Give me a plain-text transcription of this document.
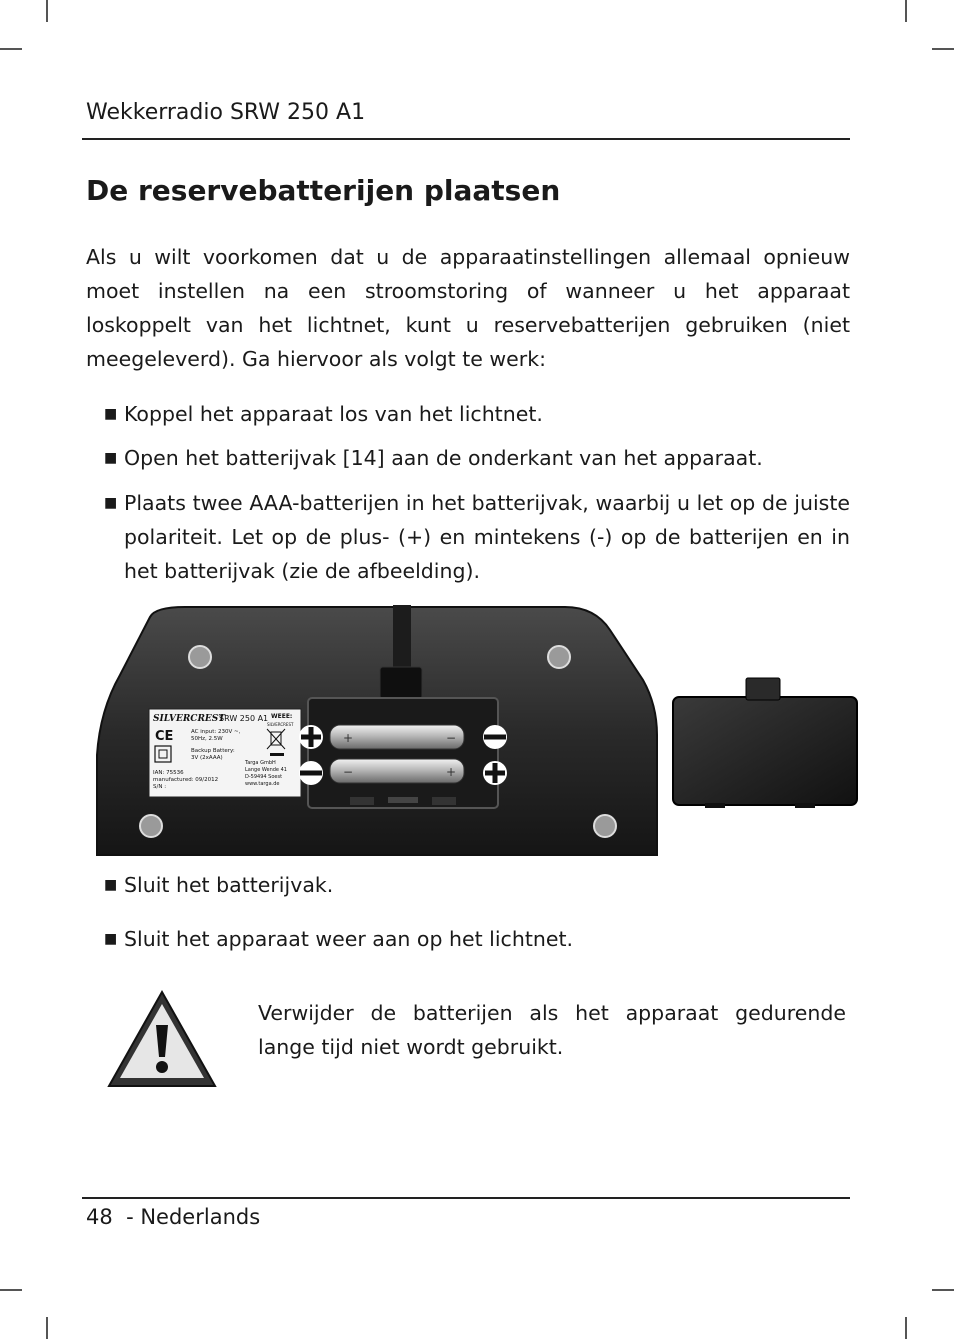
Wekkerradio SRW 250 A1
De reservebatterijen plaatsen

Als u wilt voorkomen dat u de apparaatinstellingen allemaal opnieuw moet instellen na een stroomstoring of wanneer u het apparaat loskoppelt van het lichtnet, kunt u reservebatterijen gebruiken (niet meegeleverd). Ga hiervoor als volgt te werk:

■ Koppel het apparaat los van het lichtnet.
■ Open het batterijvak [14] aan de onderkant van het apparaat.
■ Plaats twee AAA-batterijen in het batterijvak, waarbij u let op de juiste polariteit. Let op de plus- (+) en mintekens (-) op de batterijen en in het batterijvak (zie de afbeelding).
SILVERCREST
SRW 250 A1 WEEE:
SILVERCREST
CE	AC input: 230V ~,
50Hz, 2.5W
Backup Battery:
3V (2xAAA)
IAN: 75536
manufactured: 09/2012
S/N :
Targa GmbH
Lange Wende 41
D-59494 Soest
www.targa.de
+	−
−	+
■ Sluit het batterijvak.
■ Sluit het apparaat weer aan op het lichtnet.
Verwijder de batterijen als het apparaat gedurende lange tijd niet wordt gebruikt.
48 - Nederlands
